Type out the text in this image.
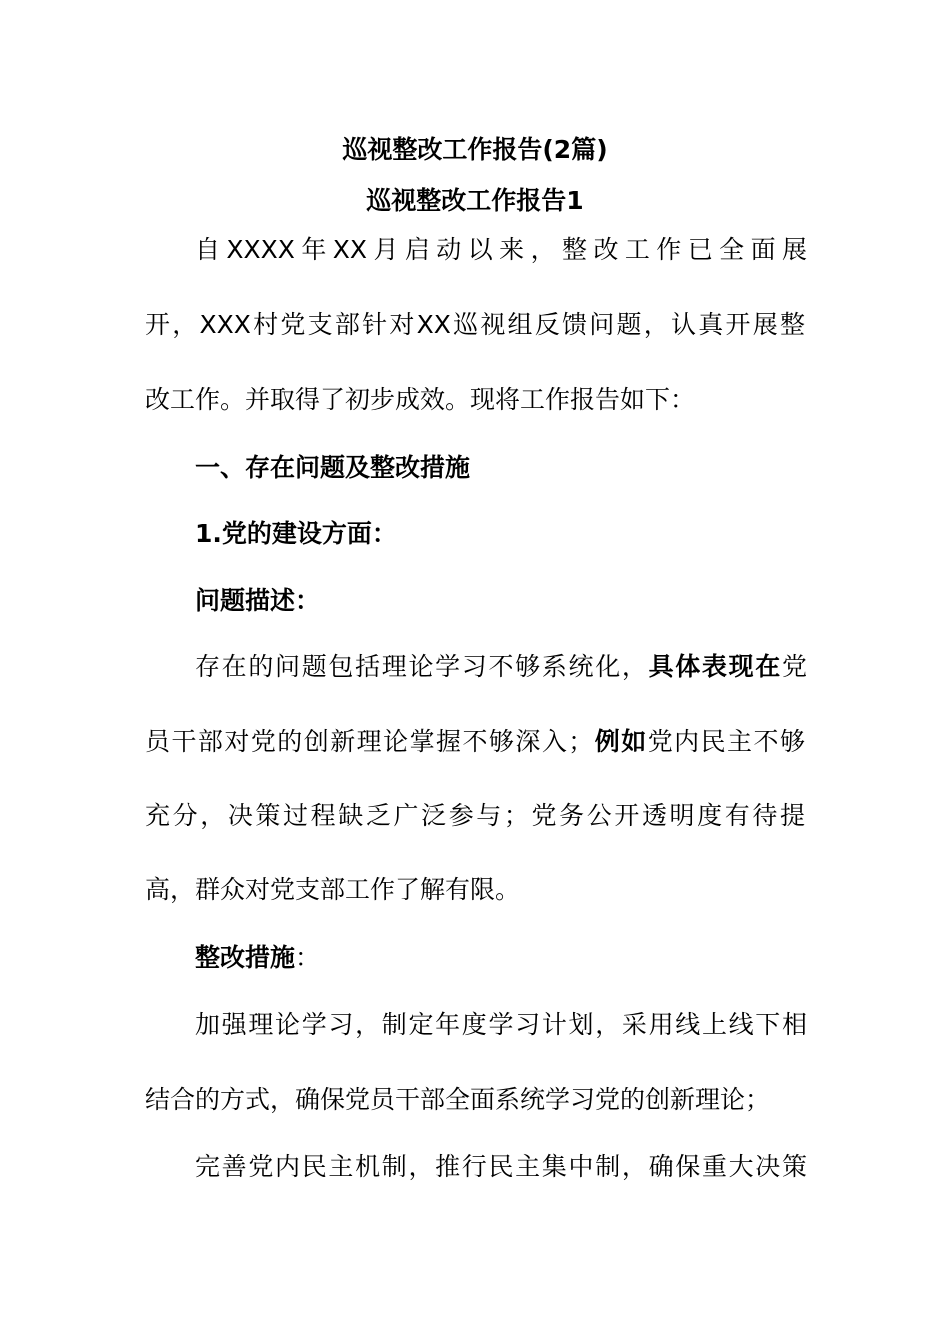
巡视整改工作报告(2篇)
巡视整改工作报告1
自XXXX年XX月启动以来，整改工作已全面展
开，XXX村党支部针对XX巡视组反馈问题，认真开展整
改工作。并取得了初步成效。现将工作报告如下：
一、存在问题及整改措施
1.党的建设方面：
问题描述：
存在的问题包括理论学习不够系统化，具体表现在党
员干部对党的创新理论掌握不够深入；例如党内民主不够
充分，决策过程缺乏广泛参与；党务公开透明度有待提
高，群众对党支部工作了解有限。
整改措施：
加强理论学习，制定年度学习计划，采用线上线下相
结合的方式，确保党员干部全面系统学习党的创新理论；
完善党内民主机制，推行民主集中制，确保重大决策
